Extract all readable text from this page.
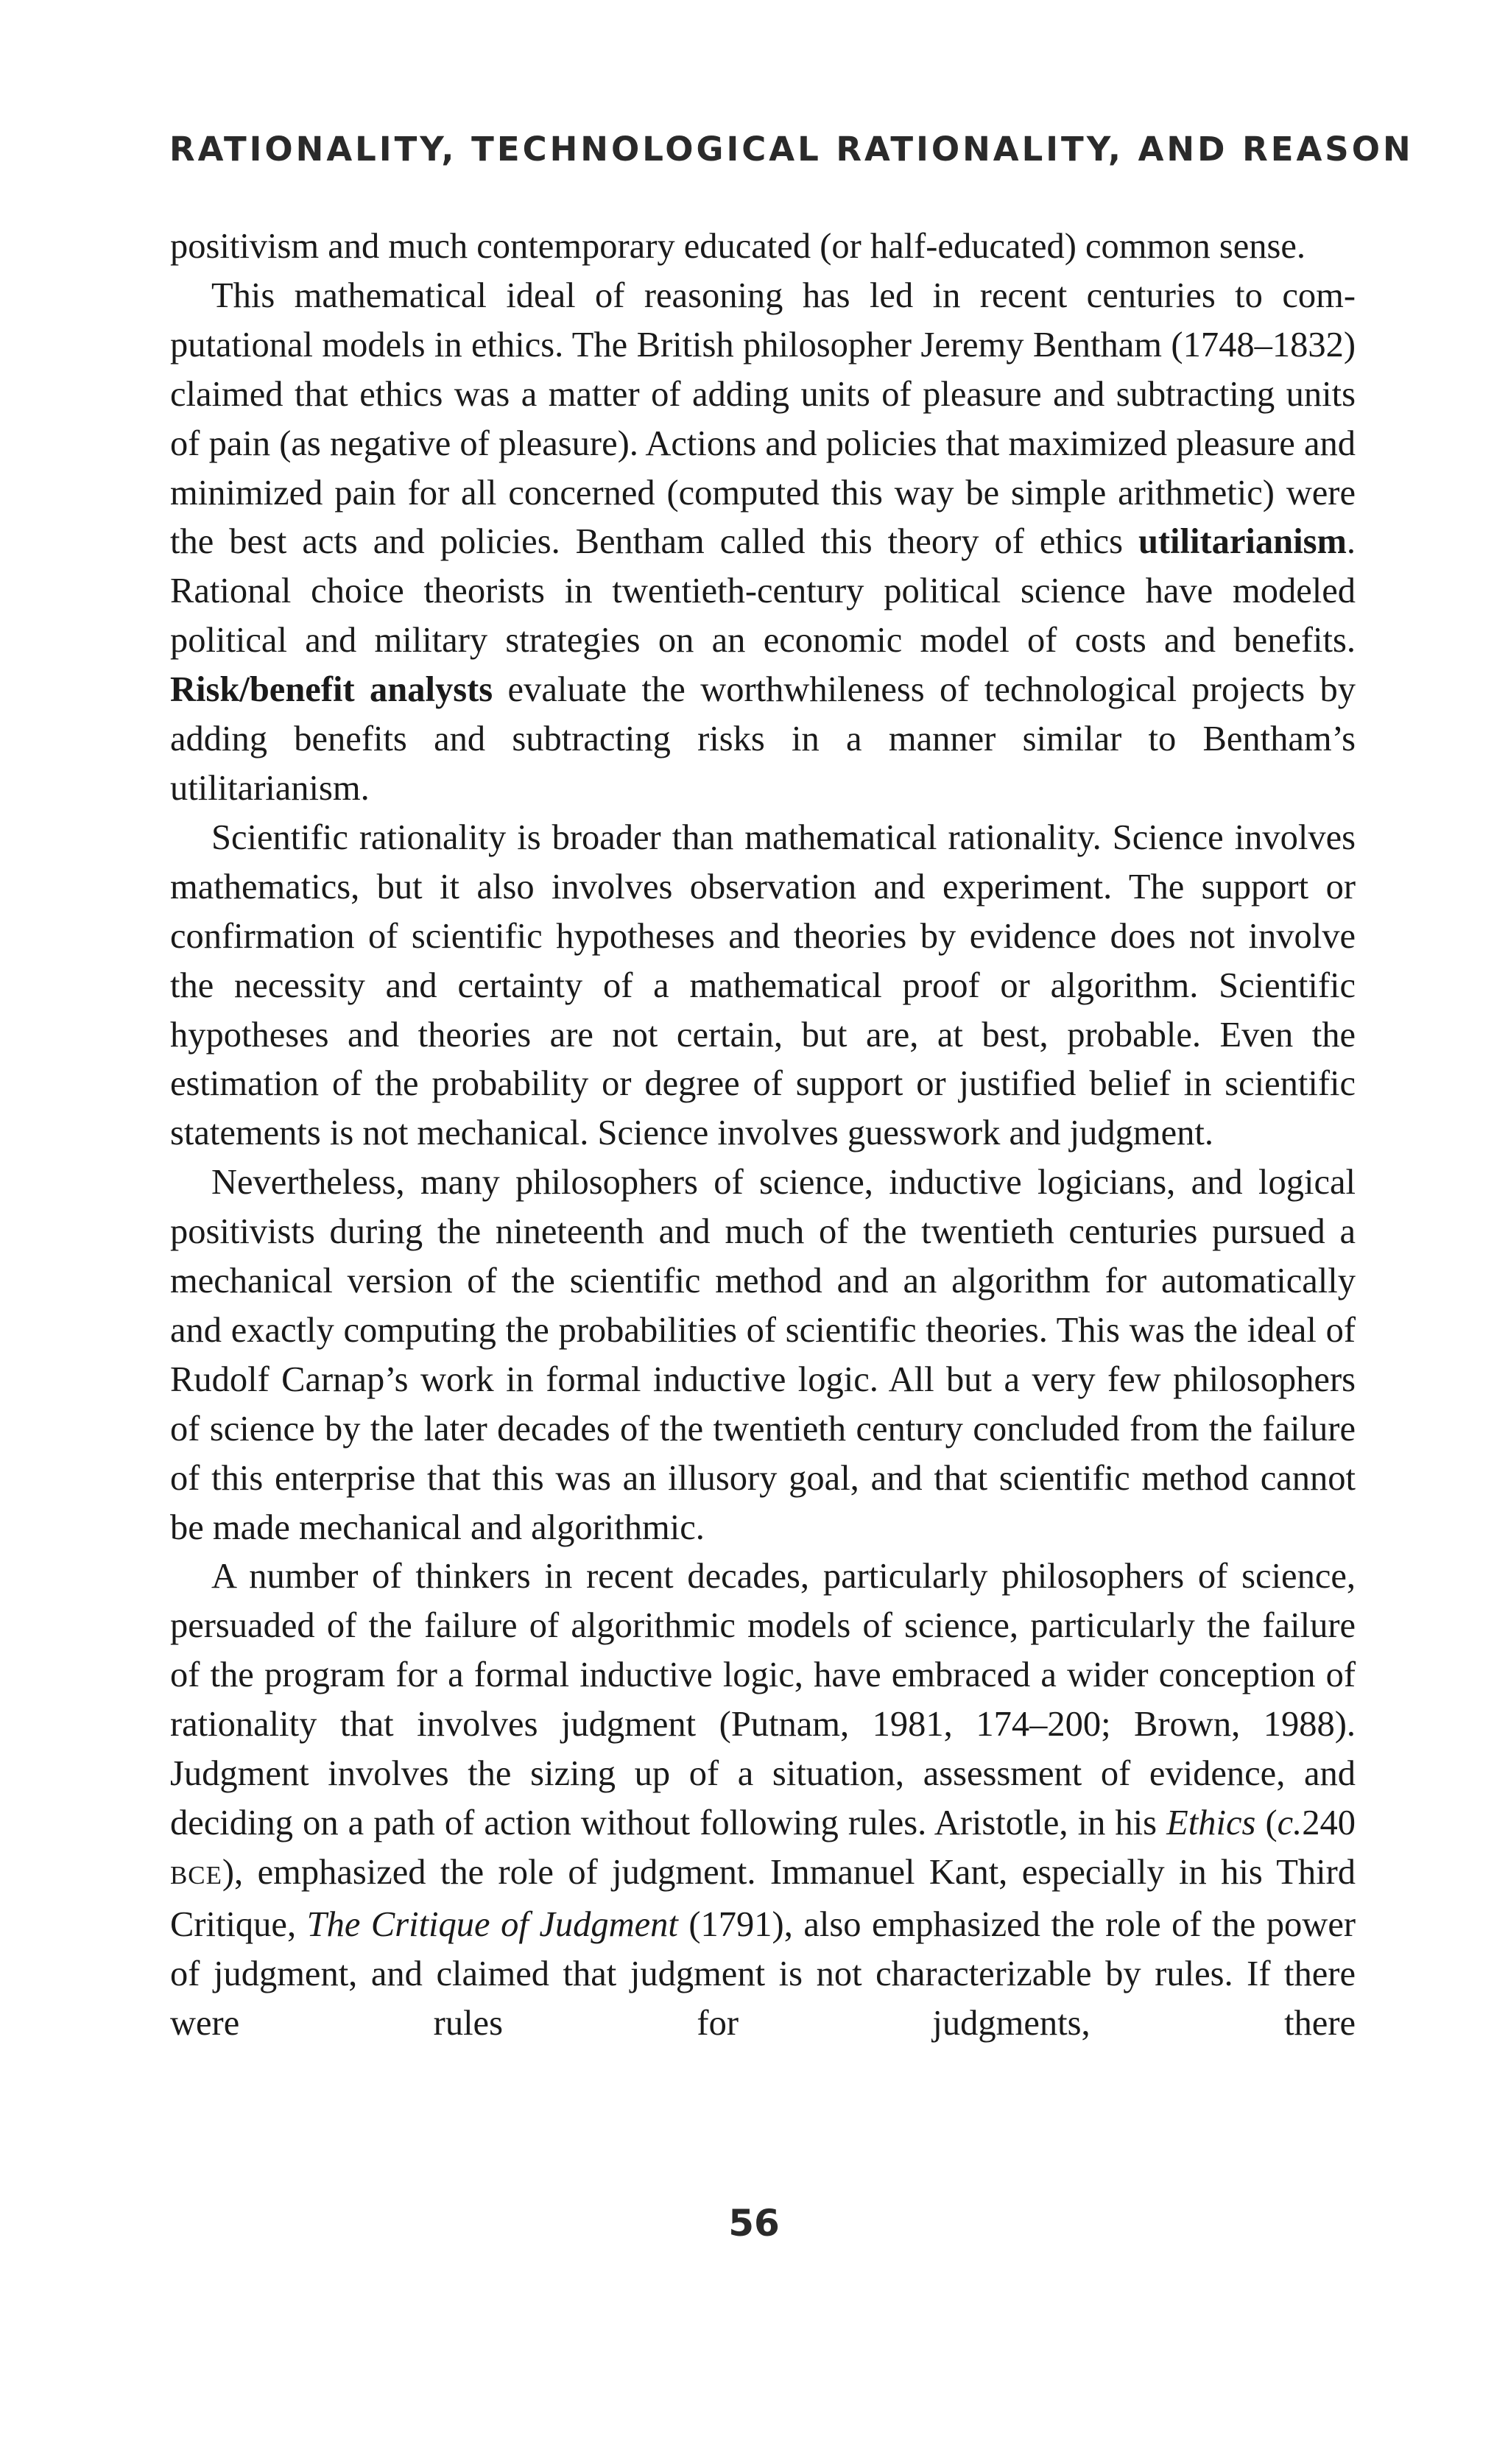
RATIONALITY, TECHNOLOGICAL RATIONALITY, AND REASON

positivism and much contemporary educated (or half-educated) common sense.

This mathematical ideal of reasoning has led in recent centuries to computational models in ethics. The British philosopher Jeremy Bentham (1748–1832) claimed that ethics was a matter of adding units of pleasure and subtracting units of pain (as negative of pleasure). Actions and policies that maximized pleasure and minimized pain for all concerned (computed this way be simple arithmetic) were the best acts and policies. Bentham called this theory of ethics utilitarianism. Rational choice theorists in twentieth-century political science have modeled political and military strategies on an economic model of costs and benefits. Risk/benefit analysts evaluate the worthwhileness of technological projects by adding benefits and subtracting risks in a manner similar to Bentham’s utilitarianism.

Scientific rationality is broader than mathematical rationality. Science involves mathematics, but it also involves observation and experiment. The support or confirmation of scientific hypotheses and theories by evidence does not involve the necessity and certainty of a mathematical proof or algorithm. Scientific hypotheses and theories are not certain, but are, at best, probable. Even the estimation of the probability or degree of support or justified belief in scientific statements is not mechanical. Science involves guesswork and judgment.

Nevertheless, many philosophers of science, inductive logicians, and logical positivists during the nineteenth and much of the twentieth centuries pursued a mechanical version of the scientific method and an algorithm for automatically and exactly computing the probabilities of scientific theories. This was the ideal of Rudolf Carnap’s work in formal inductive logic. All but a very few philosophers of science by the later decades of the twentieth century concluded from the failure of this enterprise that this was an illusory goal, and that scientific method cannot be made mechanical and algorithmic.

A number of thinkers in recent decades, particularly philosophers of science, persuaded of the failure of algorithmic models of science, particularly the failure of the program for a formal inductive logic, have embraced a wider conception of rationality that involves judgment (Putnam, 1981, 174–200; Brown, 1988). Judgment involves the sizing up of a situation, assessment of evidence, and deciding on a path of action without following rules. Aristotle, in his Ethics (c.240 BCE), emphasized the role of judgment. Immanuel Kant, especially in his Third Critique, The Critique of Judgment (1791), also emphasized the role of the power of judgment, and claimed that judgment is not characterizable by rules. If there were rules for judgments, there

56
